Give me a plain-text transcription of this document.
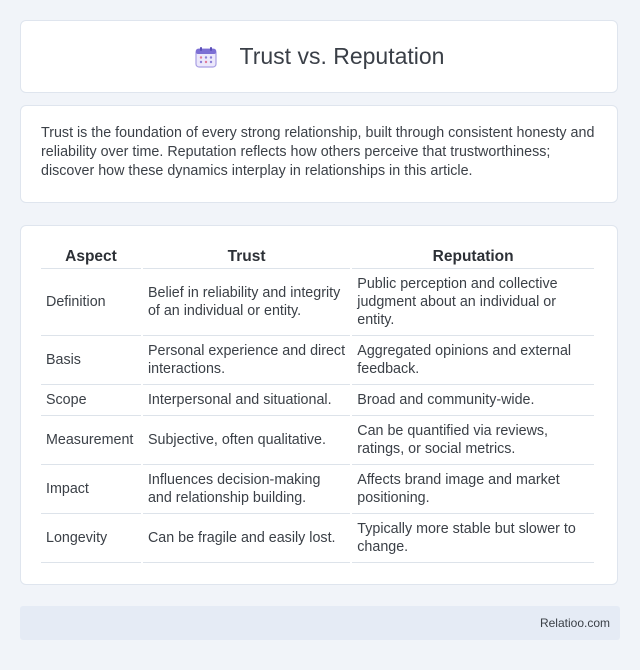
Trust vs. Reputation

Trust is the foundation of every strong relationship, built through consistent honesty and reliability over time. Reputation reflects how others perceive that trustworthiness; discover how these dynamics interplay in relationships in this article.

Aspect	Trust	Reputation
Definition	Belief in reliability and integrity of an individual or entity.	Public perception and collective judgment about an individual or entity.
Basis	Personal experience and direct interactions.	Aggregated opinions and external feedback.
Scope	Interpersonal and situational.	Broad and community-wide.
Measurement	Subjective, often qualitative.	Can be quantified via reviews, ratings, or social metrics.
Impact	Influences decision-making and relationship building.	Affects brand image and market positioning.
Longevity	Can be fragile and easily lost.	Typically more stable but slower to change.
Relatioo.com
